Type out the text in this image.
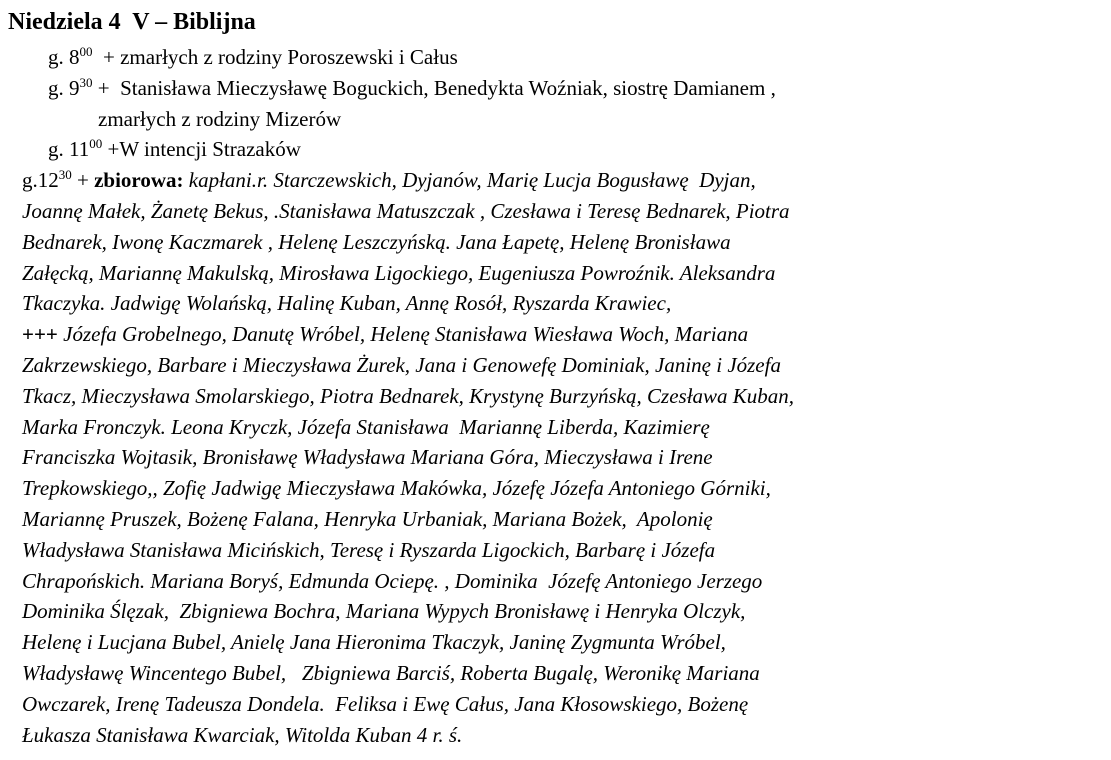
Niedziela 4  V – Biblijna
g. $8^{00}$  + zmarłych z rodziny Poroszewski i Całus
g. $9^{30}$ +  Stanisława Mieczysławę Boguckich, Benedykta Woźniak, siostrę Damianem ,
zmarłych z rodziny Mizerów
g. $11^{00} +W$ intencji Strazaków
$g.12^{30}$ + zbiorowa: kapłani.r. Starczewskich, Dyjanów, Marię Lucja Bogusławę  Dyjan,
Joannę Małek, Żanetę Bekus, .Stanisława Matuszczak , Czesława i Teresę Bednarek, Piotra
Bednarek, Iwonę Kaczmarek , Helenę Leszczyńską. Jana Łapetę, Helenę Bronisława
Załęcką, Mariannę Makulską, Mirosława Ligockiego, Eugeniusza Powroźnik. Aleksandra
Tkaczyka. Jadwigę Wolańską, Halinę Kuban, Annę Rosół, Ryszarda Krawiec,
+++ Józefa Grobelnego, Danutę Wróbel, Helenę Stanisława Wiesława Woch, Mariana
Zakrzewskiego, Barbare i Mieczysława Żurek, Jana i Genowefę Dominiak, Janinę i Józefa
Tkacz, Mieczysława Smolarskiego, Piotra Bednarek, Krystynę Burzyńską, Czesława Kuban,
Marka Fronczyk. Leona Kryczk, Józefa Stanisława  Mariannę Liberda, Kazimierę
Franciszka Wojtasik, Bronisławę Władysława Mariana Góra, Mieczysława i Irene
Trepkowskiego,, Zofię Jadwigę Mieczysława Makówka, Józefę Józefa Antoniego Górniki,
Mariannę Pruszek, Bożenę Falana, Henryka Urbaniak, Mariana Bożek,  Apolonię
Władysława Stanisława Micińskich, Teresę i Ryszarda Ligockich, Barbarę i Józefa
Chrapońskich. Mariana Boryś, Edmunda Ociepę. , Dominika  Józefę Antoniego Jerzego
Dominika Ślęzak,  Zbigniewa Bochra, Mariana Wypych Bronisławę i Henryka Olczyk,
Helenę i Lucjana Bubel, Anielę Jana Hieronima Tkaczyk, Janinę Zygmunta Wróbel,
Władysławę Wincentego Bubel,   Zbigniewa Barciś, Roberta Bugalę, Weronikę Mariana
Owczarek, Irenę Tadeusza Dondela.  Feliksa i Ewę Całus, Jana Kłosowskiego, Bożenę
Łukasza Stanisława Kwarciak, Witolda Kuban 4 r. ś.
